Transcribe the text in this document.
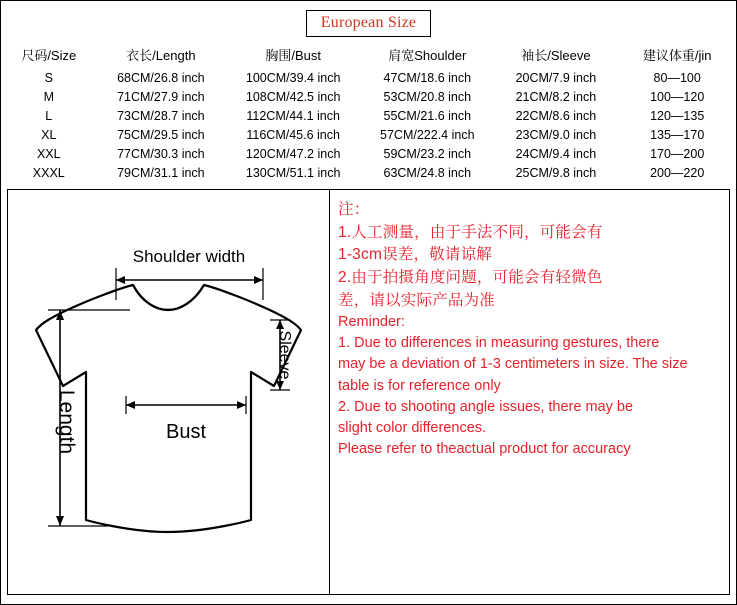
European Size
尺码/Size	衣长/Length	胸围/Bust	肩宽Shoulder	袖长/Sleeve	建议体重/jin
S	68CM/26.8 inch	100CM/39.4 inch	47CM/18.6 inch	20CM/7.9 inch	80—100
M	71CM/27.9 inch	108CM/42.5 inch	53CM/20.8 inch	21CM/8.2 inch	100—120
L	73CM/28.7 inch	112CM/44.1 inch	55CM/21.6 inch	22CM/8.6 inch	120—135
XL	75CM/29.5 inch	116CM/45.6 inch	57CM/222.4 inch	23CM/9.0 inch	135—170
XXL	77CM/30.3 inch	120CM/47.2 inch	59CM/23.2 inch	24CM/9.4 inch	170—200
XXXL	79CM/31.1 inch	130CM/51.1 inch	63CM/24.8 inch	25CM/9.8 inch	200—220
Shoulder width
Bust
Sleeve
Length
注：
1.人工测量，由于手法不同，可能会有
1-3cm误差，敬请谅解
2.由于拍摄角度问题，可能会有轻微色
差，请以实际产品为准
Reminder:
1. Due to differences in measuring gestures, there
may be a deviation of 1-3 centimeters in size. The size
table is for reference only
2. Due to shooting angle issues, there may be
slight color differences.
Please refer to theactual product for accuracy
